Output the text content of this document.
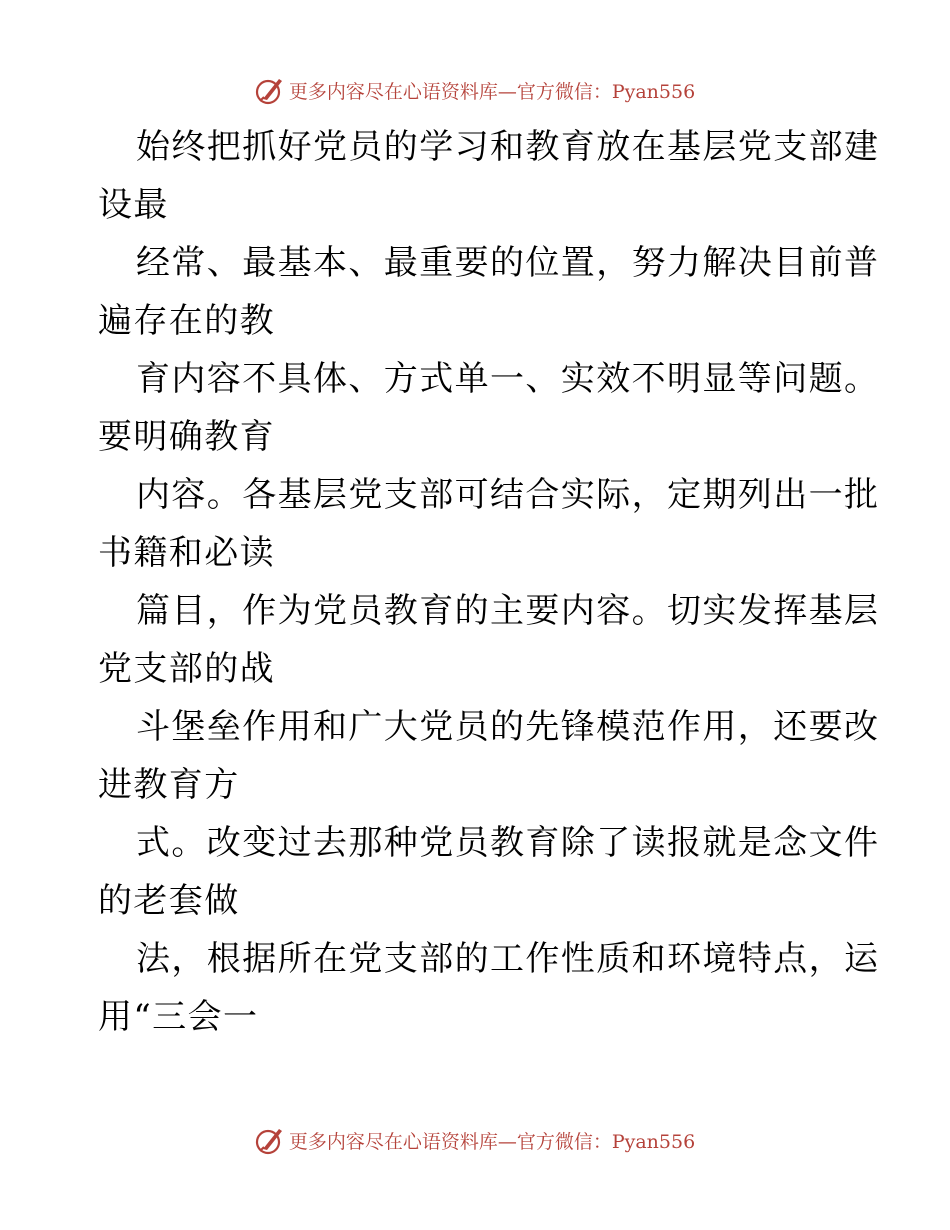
更多内容尽在心语资料库—官方微信：Pyan556
始终把抓好党员的学习和教育放在基层党支部建
设最
经常、最基本、最重要的位置，努力解决目前普
遍存在的教
育内容不具体、方式单一、实效不明显等问题。
要明确教育
内容。各基层党支部可结合实际，定期列出一批
书籍和必读
篇目，作为党员教育的主要内容。切实发挥基层
党支部的战
斗堡垒作用和广大党员的先锋模范作用，还要改
进教育方
式。改变过去那种党员教育除了读报就是念文件
的老套做
法，根据所在党支部的工作性质和环境特点，运
用“三会一
更多内容尽在心语资料库—官方微信：Pyan556
